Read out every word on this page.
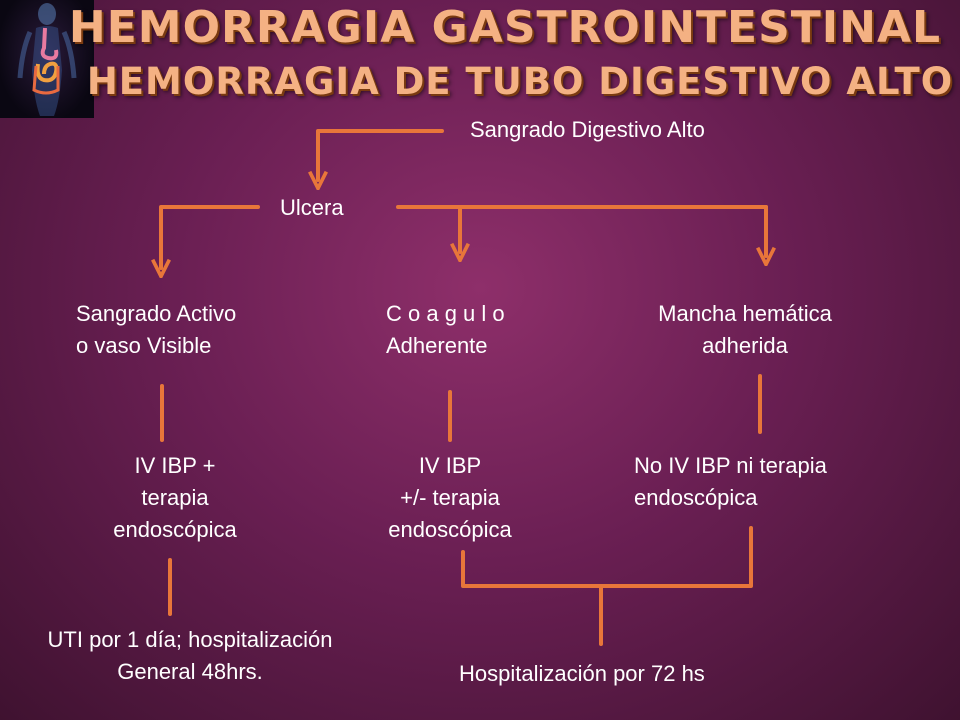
HEMORRAGIA GASTROINTESTINAL
HEMORRAGIA DE TUBO DIGESTIVO ALTO
Sangrado Digestivo Alto
Ulcera
Sangrado Activo
o vaso Visible
C o a g u l o
Adherente
Mancha hemática
adherida
IV IBP +
terapia
endoscópica
IV IBP
+/- terapia
endoscópica
No IV IBP ni terapia
endoscópica
UTI por 1 día; hospitalización
General 48hrs.	Hospitalización por 72 hs
